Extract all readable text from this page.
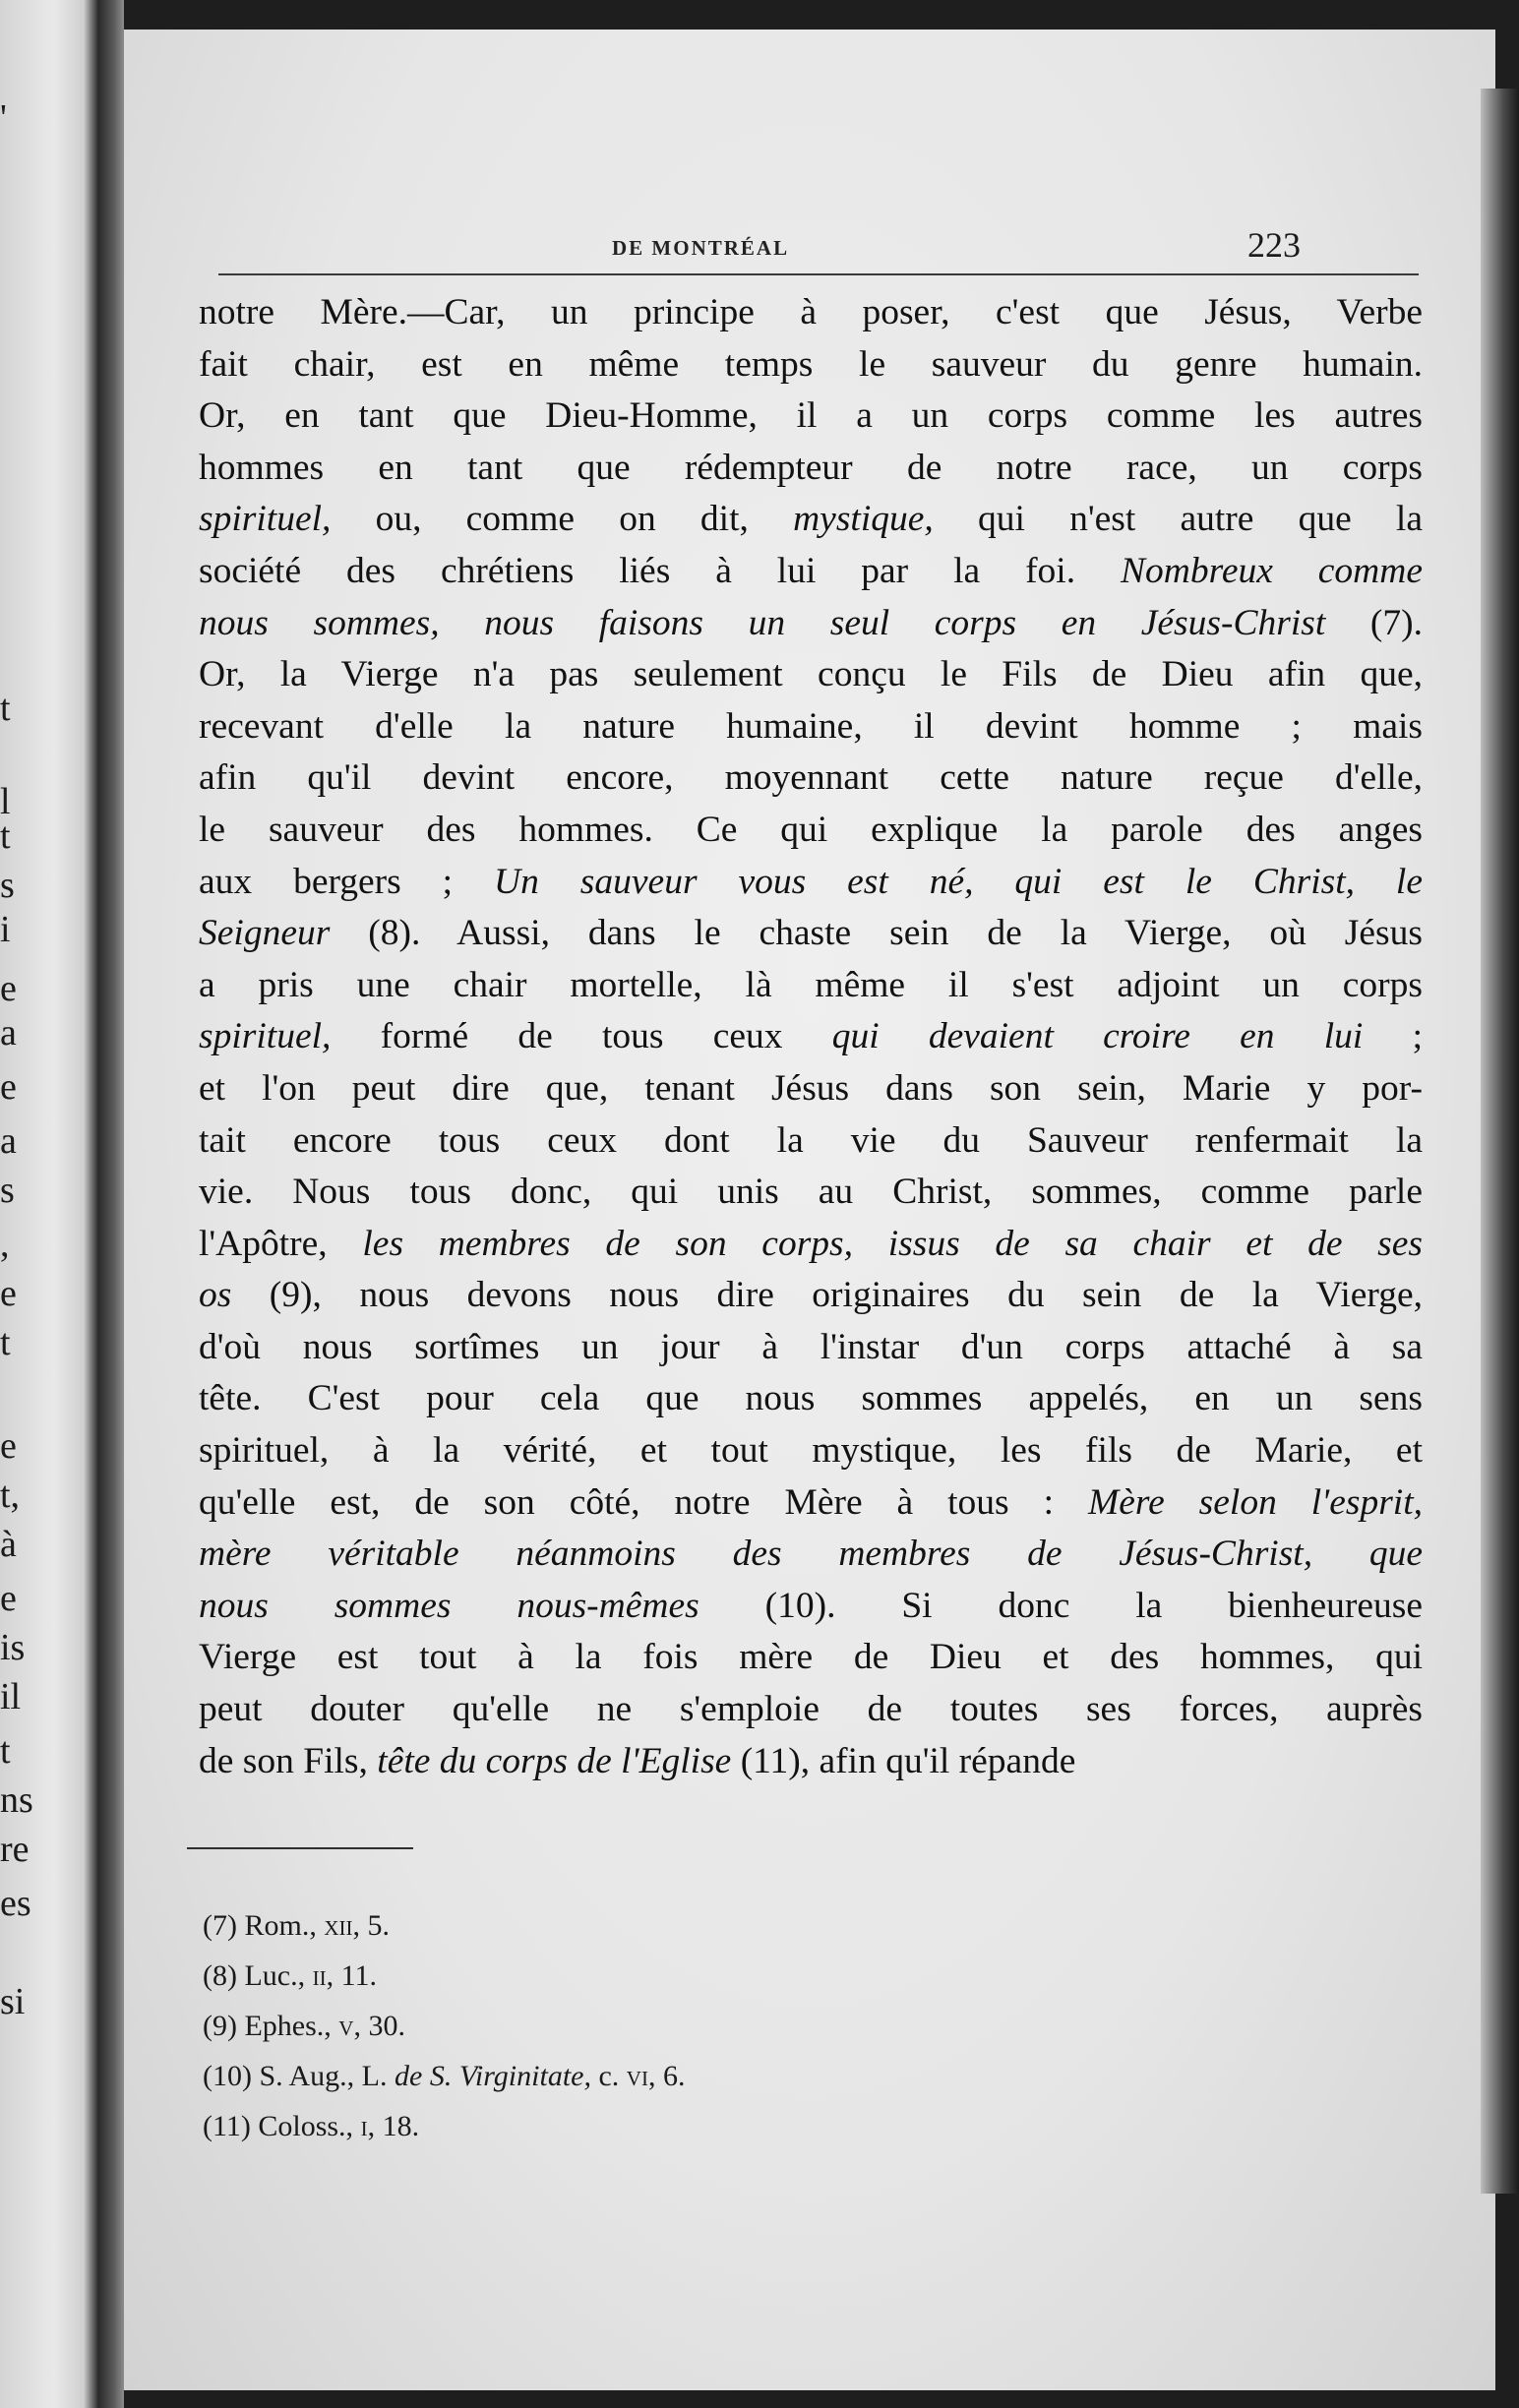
'
t
l
t
s
i
e
a
e
a
s
,
e
t
e
t,
à
e
is
il
t
ns
re
es
si
DE MONTRÉAL	223
notre Mère.—Car, un principe à poser, c'est que Jésus, Verbe
fait chair, est en même temps le sauveur du genre humain.
Or, en tant que Dieu-Homme, il a un corps comme les autres
hommes en tant que rédempteur de notre race, un corps
spirituel, ou, comme on dit, mystique, qui n'est autre que la
société des chrétiens liés à lui par la foi. Nombreux comme
nous sommes, nous faisons un seul corps en Jésus-Christ (7).
Or, la Vierge n'a pas seulement conçu le Fils de Dieu afin que,
recevant d'elle la nature humaine, il devint homme ; mais
afin qu'il devint encore, moyennant cette nature reçue d'elle,
le sauveur des hommes. Ce qui explique la parole des anges
aux bergers ; Un sauveur vous est né, qui est le Christ, le
Seigneur (8). Aussi, dans le chaste sein de la Vierge, où Jésus
a pris une chair mortelle, là même il s'est adjoint un corps
spirituel, formé de tous ceux qui devaient croire en lui ;
et l'on peut dire que, tenant Jésus dans son sein, Marie y por-
tait encore tous ceux dont la vie du Sauveur renfermait la
vie. Nous tous donc, qui unis au Christ, sommes, comme parle
l'Apôtre, les membres de son corps, issus de sa chair et de ses
os (9), nous devons nous dire originaires du sein de la Vierge,
d'où nous sortîmes un jour à l'instar d'un corps attaché à sa
tête. C'est pour cela que nous sommes appelés, en un sens
spirituel, à la vérité, et tout mystique, les fils de Marie, et
qu'elle est, de son côté, notre Mère à tous : Mère selon l'esprit,
mère véritable néanmoins des membres de Jésus-Christ, que
nous sommes nous-mêmes (10). Si donc la bienheureuse
Vierge est tout à la fois mère de Dieu et des hommes, qui
peut douter qu'elle ne s'emploie de toutes ses forces, auprès
de son Fils, tête du corps de l'Eglise (11), afin qu'il répande
(7) Rom., xii, 5.
(8) Luc., ii, 11.
(9) Ephes., v, 30.
(10) S. Aug., L. de S. Virginitate, c. vi, 6.
(11) Coloss., i, 18.
